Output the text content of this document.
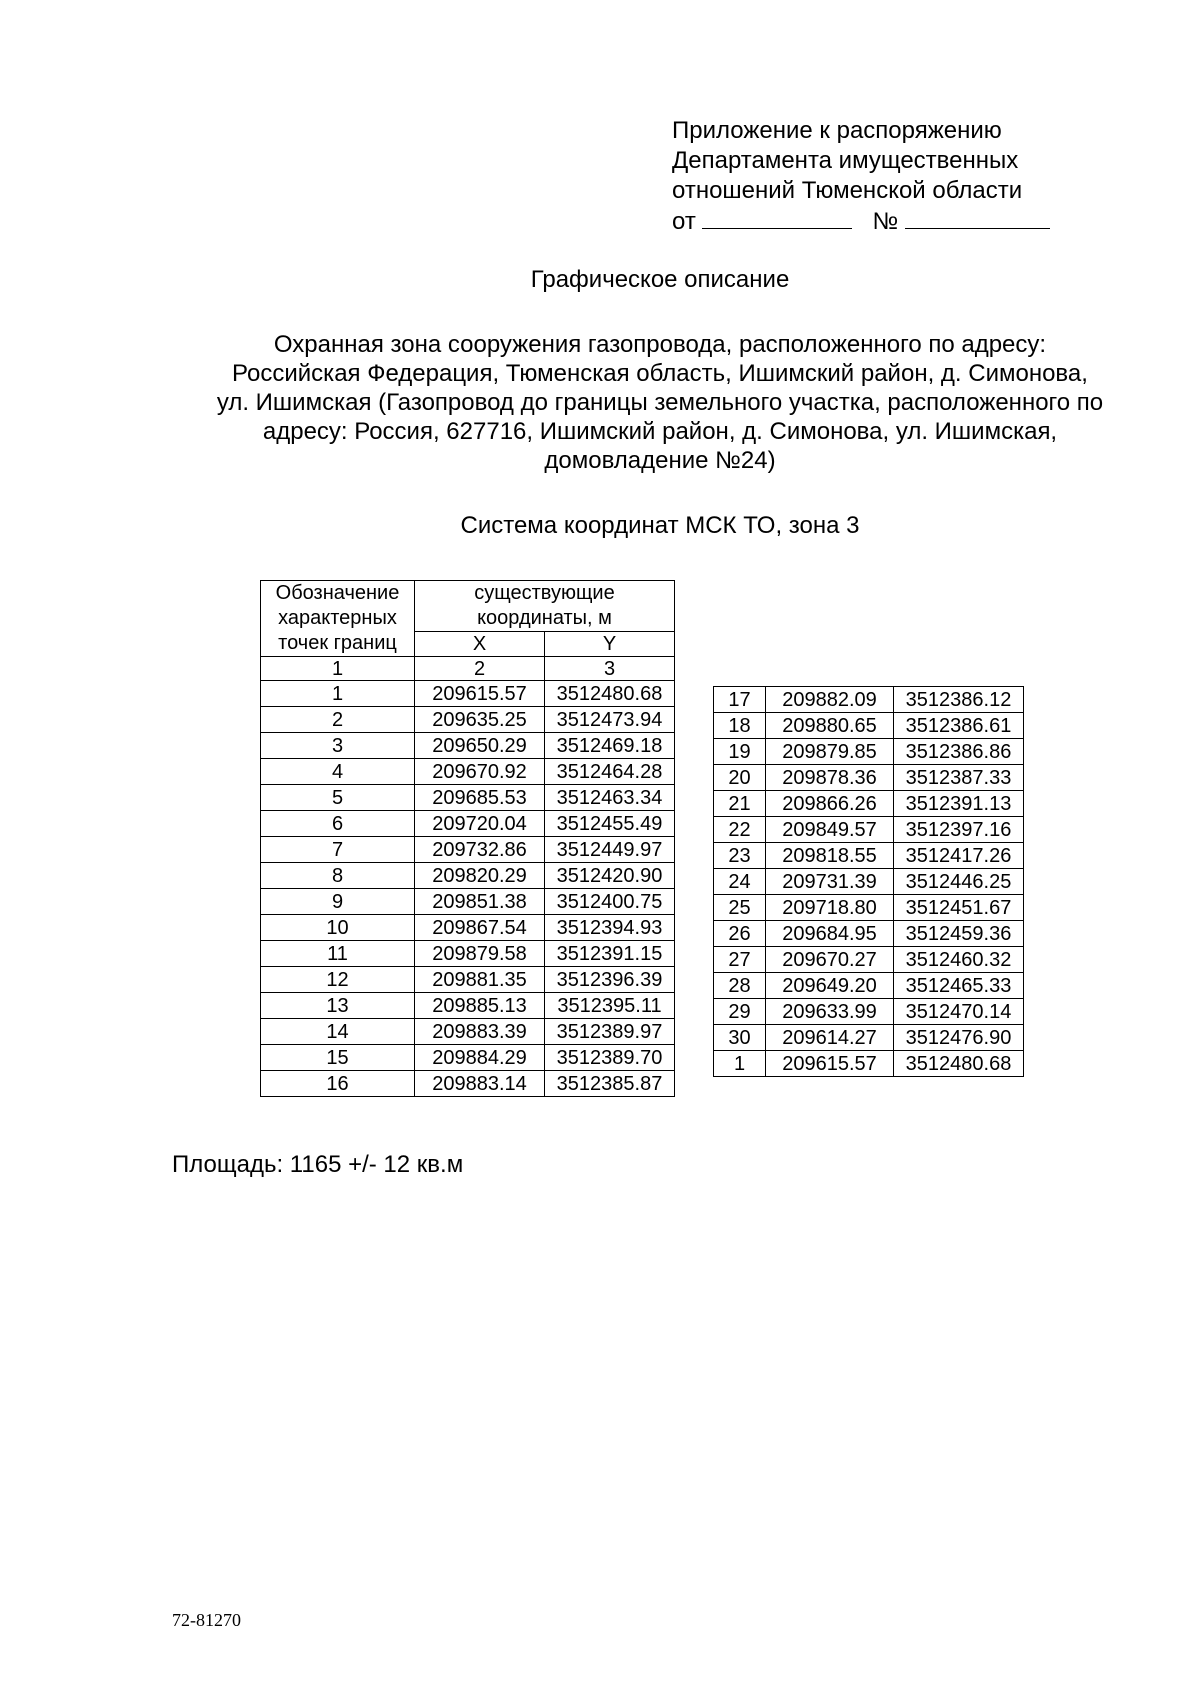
Приложение к распоряжению
Департамента имущественных
отношений Тюменской области
от	№
Графическое описание
Охранная зона сооружения газопровода, расположенного по адресу:
Российская Федерация, Тюменская область, Ишимский район, д. Симонова,
ул. Ишимская (Газопровод до границы земельного участка, расположенного по
адресу: Россия, 627716, Ишимский район, д. Симонова, ул. Ишимская,
домовладение №24)
Система координат МСК ТО, зона 3
Обозначение характерных точек границ	существующие координаты, м	

	X	Y
1	2	3
1	209615.57	3512480.68
2	209635.25	3512473.94
3	209650.29	3512469.18
4	209670.92	3512464.28
5	209685.53	3512463.34
6	209720.04	3512455.49
7	209732.86	3512449.97
8	209820.29	3512420.90
9	209851.38	3512400.75
10	209867.54	3512394.93
11	209879.58	3512391.15
12	209881.35	3512396.39
13	209885.13	3512395.11
14	209883.39	3512389.97
15	209884.29	3512389.70
16	209883.14	3512385.87
17	209882.09	3512386.12
18	209880.65	3512386.61
19	209879.85	3512386.86
20	209878.36	3512387.33
21	209866.26	3512391.13
22	209849.57	3512397.16
23	209818.55	3512417.26
24	209731.39	3512446.25
25	209718.80	3512451.67
26	209684.95	3512459.36
27	209670.27	3512460.32
28	209649.20	3512465.33
29	209633.99	3512470.14
30	209614.27	3512476.90
1	209615.57	3512480.68
Площадь: 1165 +/- 12 кв.м
72-81270
